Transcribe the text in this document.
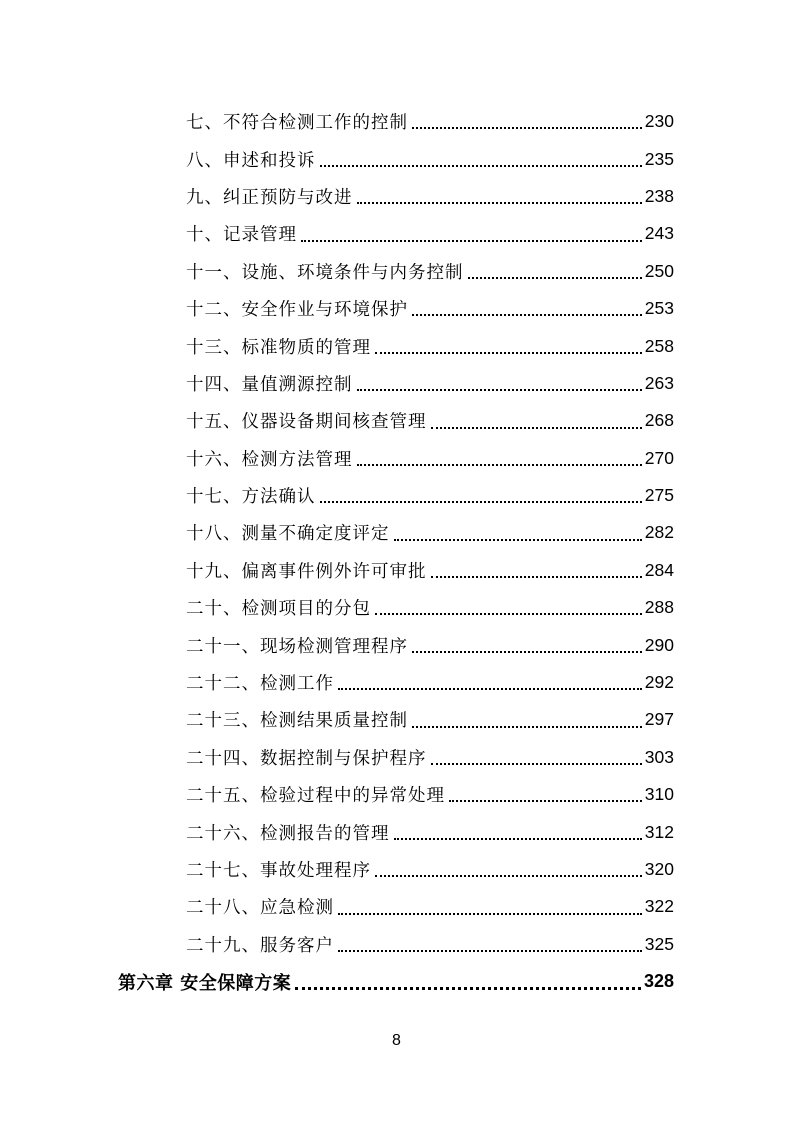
七、不符合检测工作的控制	230
八、申述和投诉	235
九、纠正预防与改进	238
十、记录管理	243
十一、设施、环境条件与内务控制	250
十二、安全作业与环境保护	253
十三、标准物质的管理	258
十四、量值溯源控制	263
十五、仪器设备期间核查管理	268
十六、检测方法管理	270
十七、方法确认	275
十八、测量不确定度评定	282
十九、偏离事件例外许可审批	284
二十、检测项目的分包	288
二十一、现场检测管理程序	290
二十二、检测工作	292
二十三、检测结果质量控制	297
二十四、数据控制与保护程序	303
二十五、检验过程中的异常处理	310
二十六、检测报告的管理	312
二十七、事故处理程序	320
二十八、应急检测	322
二十九、服务客户	325
第六章 安全保障方案	328
8
